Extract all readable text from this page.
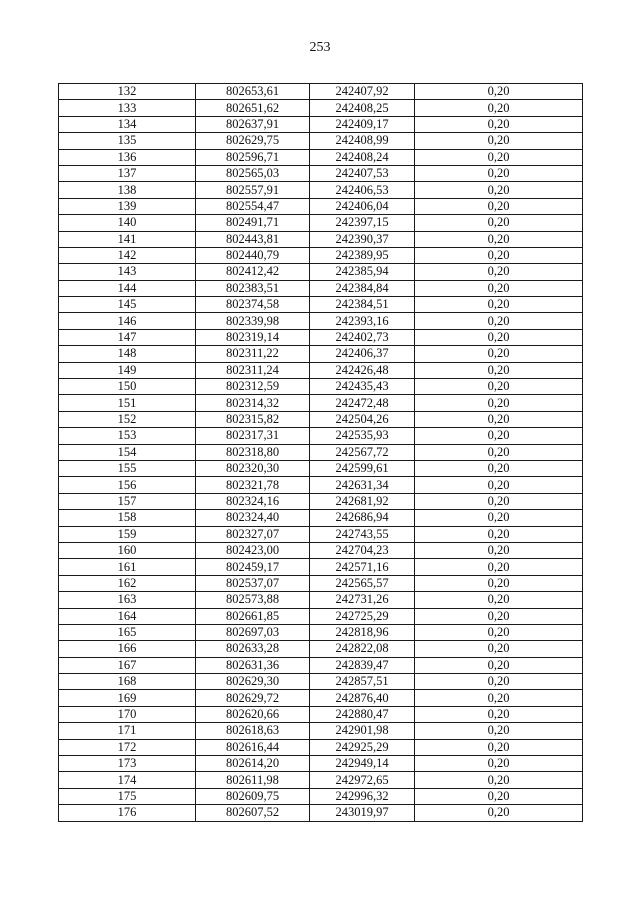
253
132	802653,61	242407,92	0,20
133	802651,62	242408,25	0,20
134	802637,91	242409,17	0,20
135	802629,75	242408,99	0,20
136	802596,71	242408,24	0,20
137	802565,03	242407,53	0,20
138	802557,91	242406,53	0,20
139	802554,47	242406,04	0,20
140	802491,71	242397,15	0,20
141	802443,81	242390,37	0,20
142	802440,79	242389,95	0,20
143	802412,42	242385,94	0,20
144	802383,51	242384,84	0,20
145	802374,58	242384,51	0,20
146	802339,98	242393,16	0,20
147	802319,14	242402,73	0,20
148	802311,22	242406,37	0,20
149	802311,24	242426,48	0,20
150	802312,59	242435,43	0,20
151	802314,32	242472,48	0,20
152	802315,82	242504,26	0,20
153	802317,31	242535,93	0,20
154	802318,80	242567,72	0,20
155	802320,30	242599,61	0,20
156	802321,78	242631,34	0,20
157	802324,16	242681,92	0,20
158	802324,40	242686,94	0,20
159	802327,07	242743,55	0,20
160	802423,00	242704,23	0,20
161	802459,17	242571,16	0,20
162	802537,07	242565,57	0,20
163	802573,88	242731,26	0,20
164	802661,85	242725,29	0,20
165	802697,03	242818,96	0,20
166	802633,28	242822,08	0,20
167	802631,36	242839,47	0,20
168	802629,30	242857,51	0,20
169	802629,72	242876,40	0,20
170	802620,66	242880,47	0,20
171	802618,63	242901,98	0,20
172	802616,44	242925,29	0,20
173	802614,20	242949,14	0,20
174	802611,98	242972,65	0,20
175	802609,75	242996,32	0,20
176	802607,52	243019,97	0,20
